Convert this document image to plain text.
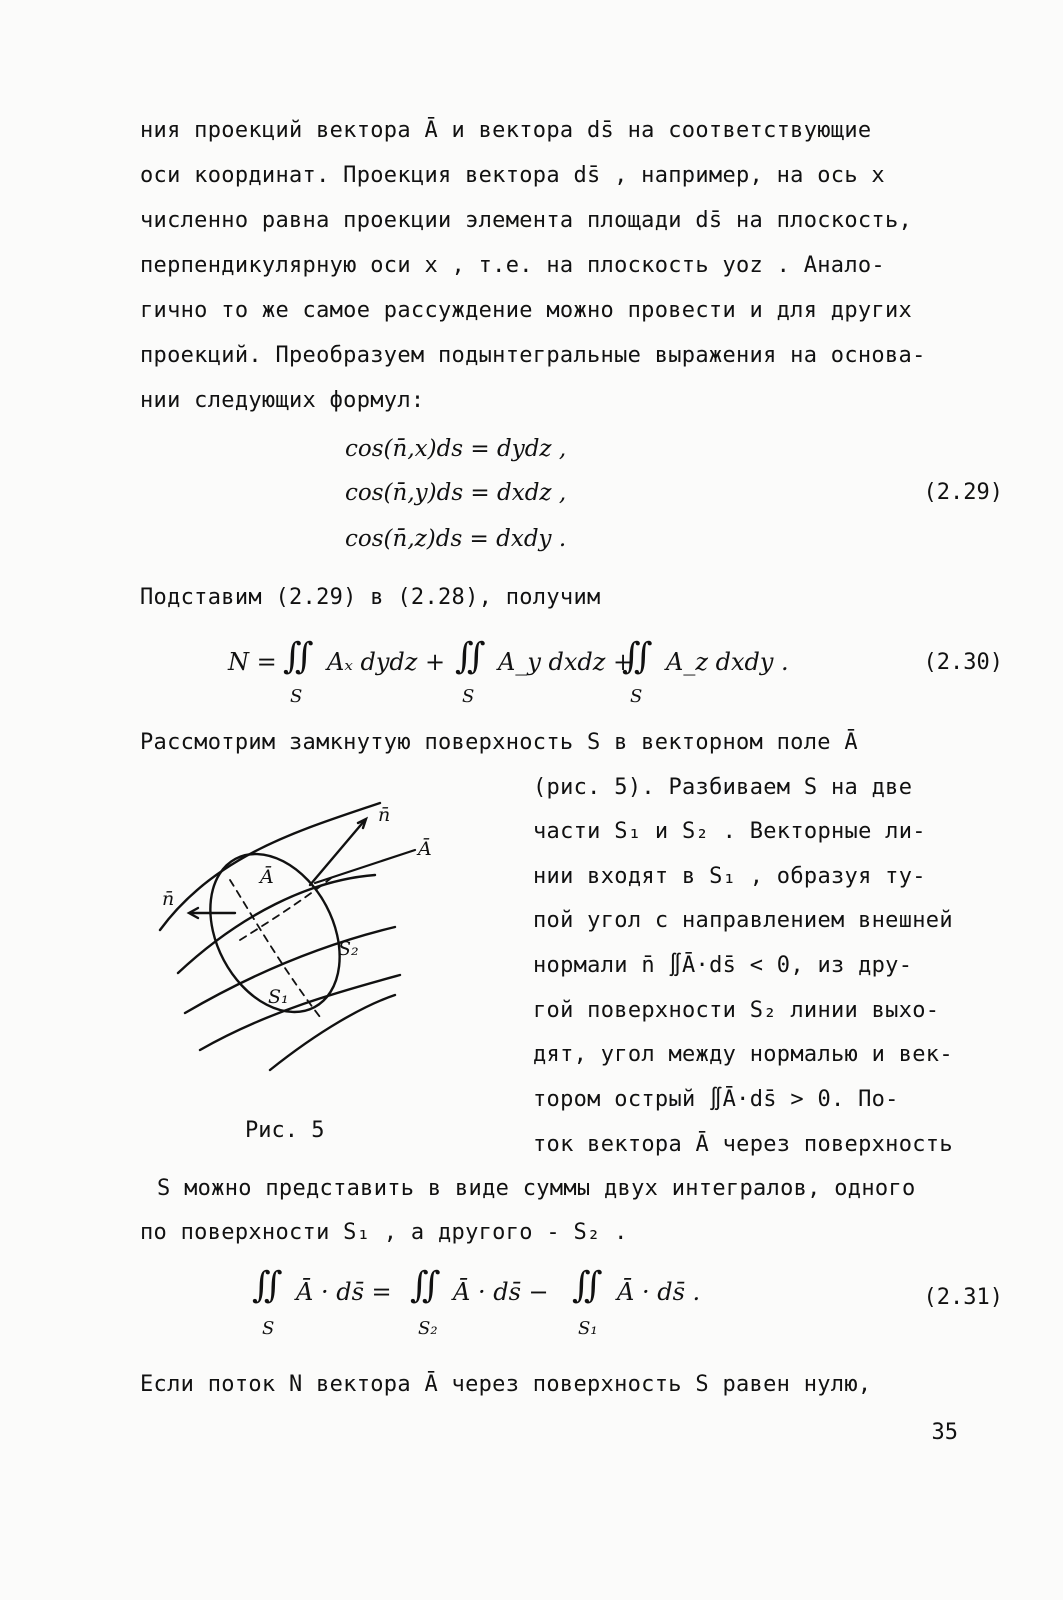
ния проекций вектора Ā и вектора ds̄ на соответствующие
оси координат. Проекция вектора ds̄ , например, на ось x
численно равна проекции элемента площади ds̄ на плоскость,
перпендикулярную оси x , т.е. на плоскость yoz . Анало-
гично то же самое рассуждение можно провести и для других
проекций. Преобразуем подынтегральные выражения на основа-
нии следующих формул:
cos(n̄,x)ds = dydz ,
cos(n̄,y)ds = dxdz ,
cos(n̄,z)ds = dxdy .
(2.29)
Подставим (2.29) в (2.28), получим
N = ∬ Aₓ dydz +
S
∬ A_y dxdz +
S
∬ A_z dxdy .
S
(2.30)
Рассмотрим замкнутую поверхность S в векторном поле Ā
(рис. 5). Разбиваем S на две
части S₁ и S₂ . Векторные ли-
нии входят в S₁ , образуя ту-
пой угол с направлением внешней
нормали n̄ ∬Ā·ds̄ < 0, из дру-
гой поверхности S₂ линии выхо-
дят, угол между нормалью и век-
тором острый ∬Ā·ds̄ > 0. По-
ток вектора Ā через поверхность
n̄
Ā
n̄
Ā
S₂
S₁
Рис. 5
S можно представить в виде суммы двух интегралов, одного
по поверхности S₁ , а другого - S₂ .
∬ Ā · ds̄ =
S
∬ Ā · ds̄ −
S₂
∬ Ā · ds̄ .
S₁
(2.31)
Если поток N вектора Ā через поверхность S равен нулю,
35
